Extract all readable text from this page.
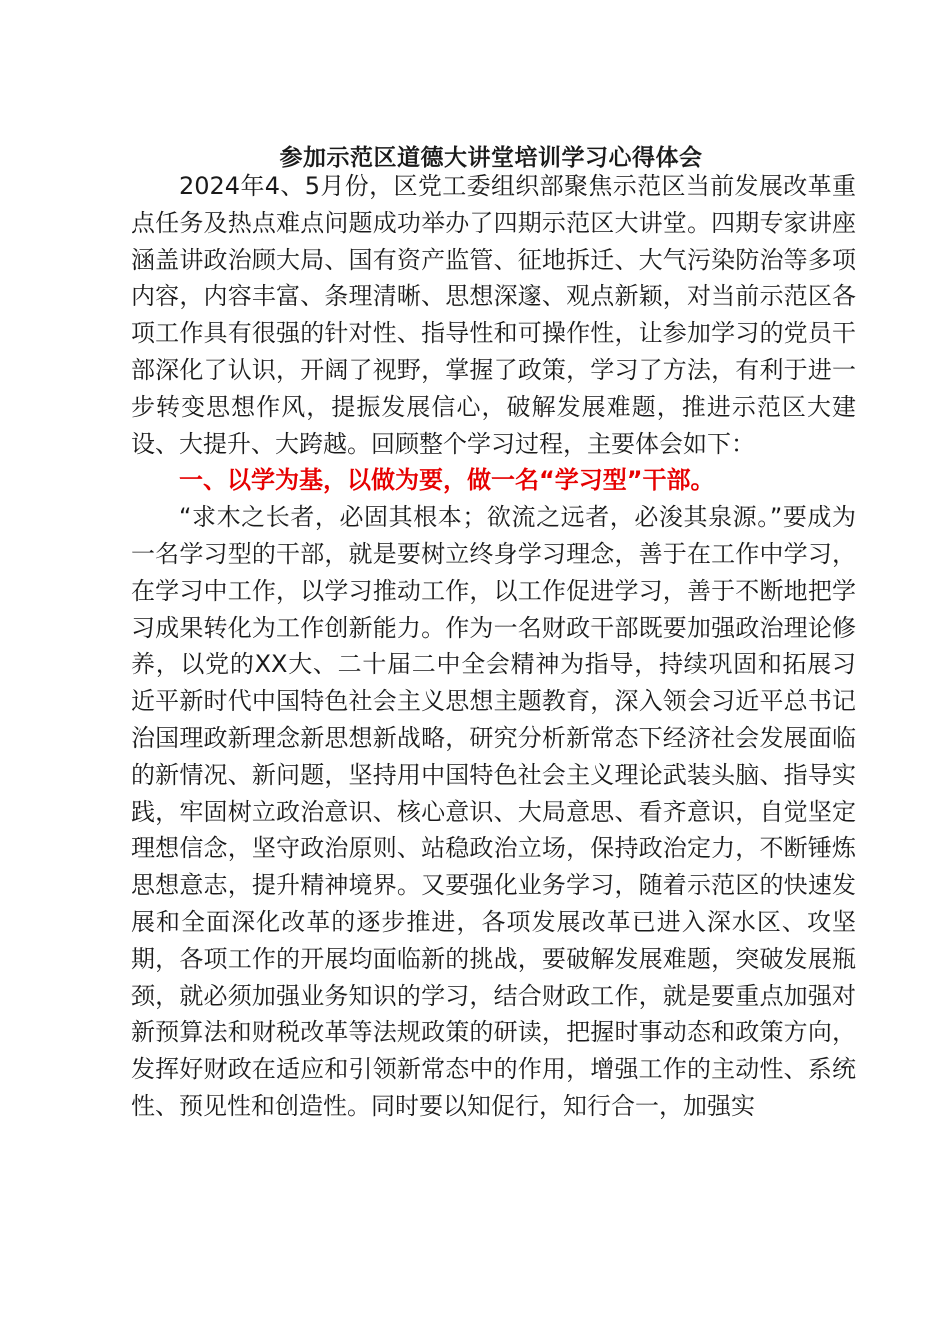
参加示范区道德大讲堂培训学习心得体会

2024年4、5月份，区党工委组织部聚焦示范区当前发展改革重点任务及热点难点问题成功举办了四期示范区大讲堂。四期专家讲座涵盖讲政治顾大局、国有资产监管、征地拆迁、大气污染防治等多项内容，内容丰富、条理清晰、思想深邃、观点新颖，对当前示范区各项工作具有很强的针对性、指导性和可操作性，让参加学习的党员干部深化了认识，开阔了视野，掌握了政策，学习了方法，有利于进一步转变思想作风，提振发展信心，破解发展难题，推进示范区大建设、大提升、大跨越。回顾整个学习过程，主要体会如下：

一、以学为基，以做为要，做一名“学习型”干部。

“求木之长者，必固其根本；欲流之远者，必浚其泉源。”要成为一名学习型的干部，就是要树立终身学习理念，善于在工作中学习，在学习中工作，以学习推动工作，以工作促进学习，善于不断地把学习成果转化为工作创新能力。作为一名财政干部既要加强政治理论修养，以党的XX大、二十届二中全会精神为指导，持续巩固和拓展习近平新时代中国特色社会主义思想主题教育，深入领会习近平总书记治国理政新理念新思想新战略，研究分析新常态下经济社会发展面临的新情况、新问题，坚持用中国特色社会主义理论武装头脑、指导实践，牢固树立政治意识、核心意识、大局意思、看齐意识，自觉坚定理想信念，坚守政治原则、站稳政治立场，保持政治定力，不断锤炼思想意志，提升精神境界。又要强化业务学习，随着示范区的快速发展和全面深化改革的逐步推进，各项发展改革已进入深水区、攻坚期，各项工作的开展均面临新的挑战，要破解发展难题，突破发展瓶颈，就必须加强业务知识的学习，结合财政工作，就是要重点加强对新预算法和财税改革等法规政策的研读，把握时事动态和政策方向，发挥好财政在适应和引领新常态中的作用，增强工作的主动性、系统性、预见性和创造性。同时要以知促行，知行合一，加强实
